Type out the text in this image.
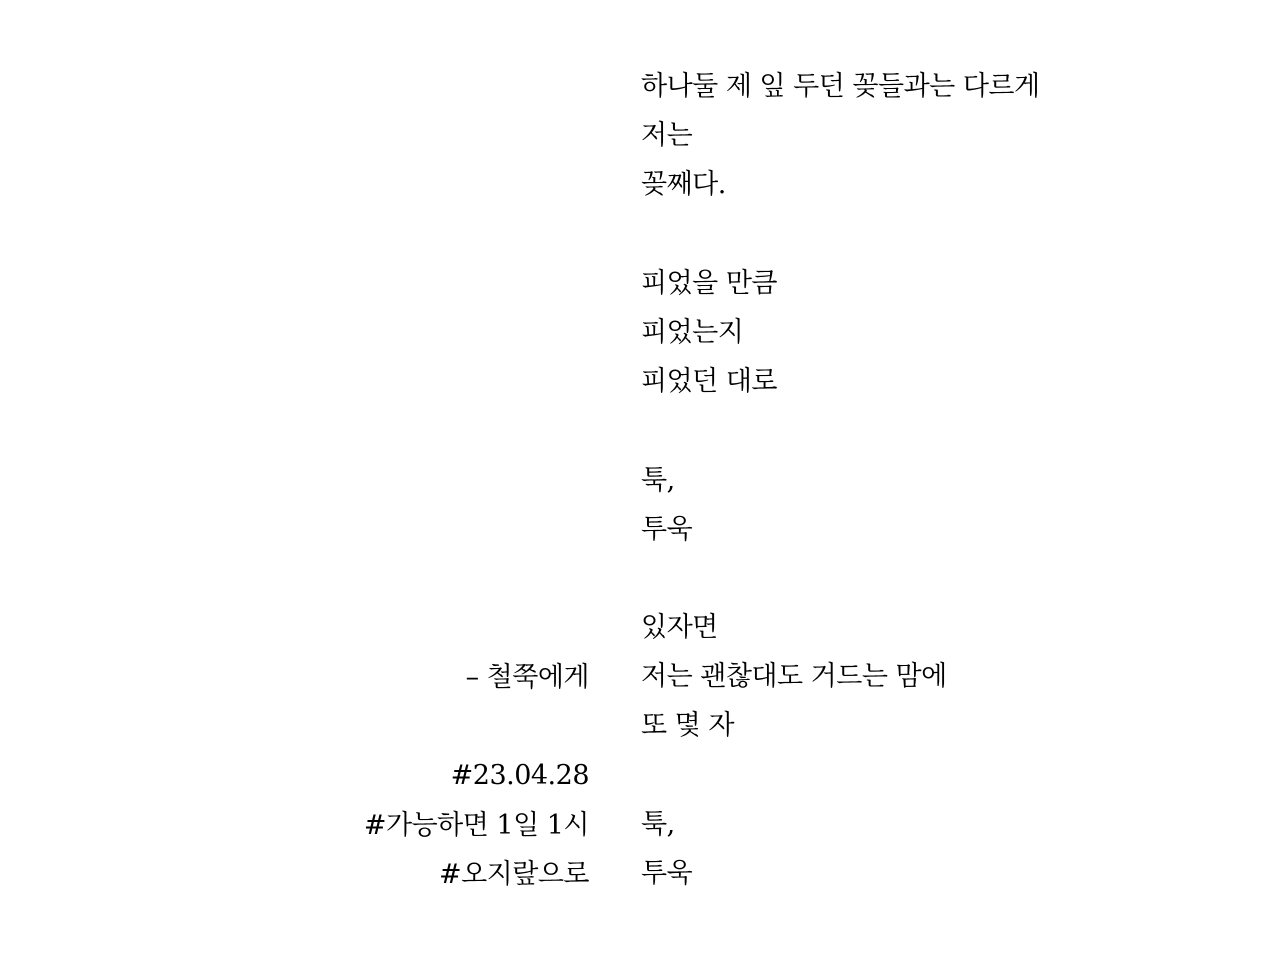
하나둘 제 잎 두던 꽂들과는 다르게
저는
꽂째다.
피었을 만큼
피었는지
피었던 대로
툭,
투욱
있자면
저는 괜찮대도 거드는 맘에
또 몇 자
툭,
투욱
– 철쭉에게
#23.04.28
#가능하면 1일 1시
#오지랖으로
